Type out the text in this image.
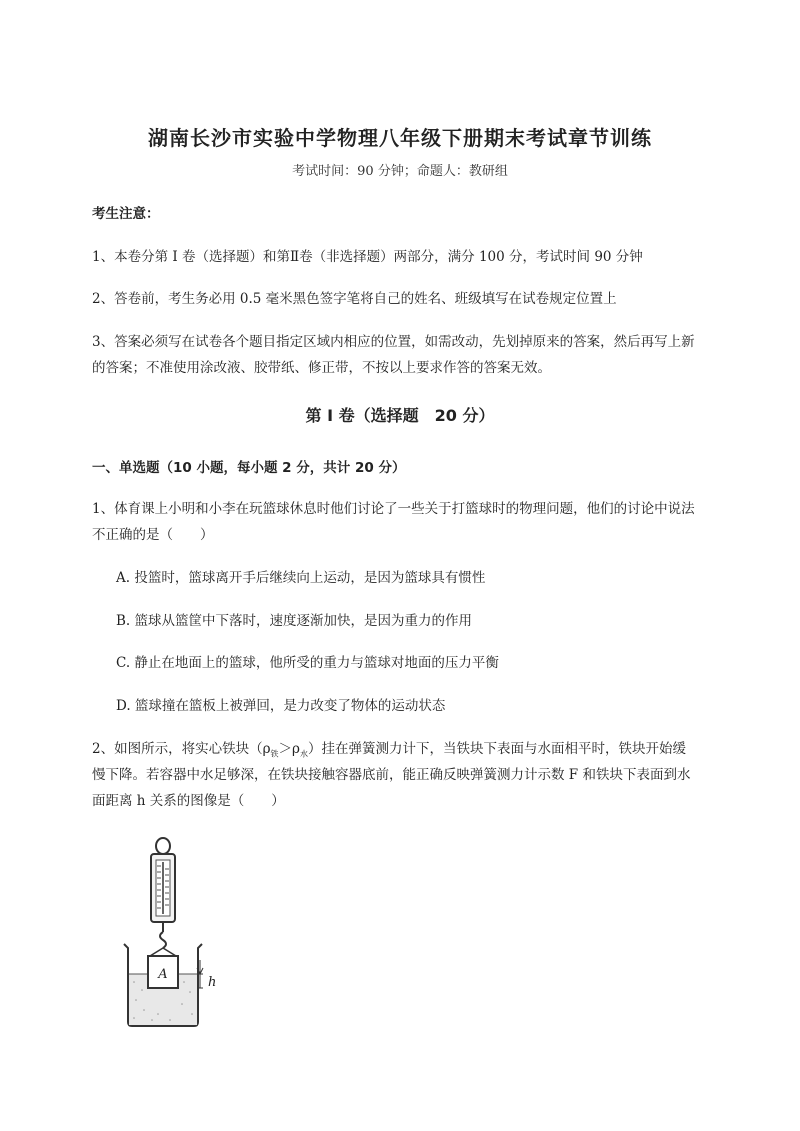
湖南长沙市实验中学物理八年级下册期末考试章节训练
考试时间：90 分钟；命题人：教研组
考生注意：
1、本卷分第 I 卷（选择题）和第Ⅱ卷（非选择题）两部分，满分 100 分，考试时间 90 分钟
2、答卷前，考生务必用 0.5 毫米黑色签字笔将自己的姓名、班级填写在试卷规定位置上
3、答案必须写在试卷各个题目指定区域内相应的位置，如需改动，先划掉原来的答案，然后再写上新
的答案；不准使用涂改液、胶带纸、修正带，不按以上要求作答的答案无效。
第 I 卷（选择题　20 分）
一、单选题（10 小题，每小题 2 分，共计 20 分）
1、体育课上小明和小李在玩篮球休息时他们讨论了一些关于打篮球时的物理问题，他们的讨论中说法
不正确的是（　　）
A. 投篮时，篮球离开手后继续向上运动，是因为篮球具有惯性
B. 篮球从篮筐中下落时，速度逐渐加快，是因为重力的作用
C. 静止在地面上的篮球，他所受的重力与篮球对地面的压力平衡
D. 篮球撞在篮板上被弹回，是力改变了物体的运动状态
2、如图所示，将实心铁块$(\rho_铁>\rho_水)$挂在弹簧测力计下，当铁块下表面与水面相平时，铁块开始缓
慢下降。若容器中水足够深，在铁块接触容器底前，能正确反映弹簧测力计示数 F 和铁块下表面到水
面距离 h 关系的图像是（　　）
A
h
